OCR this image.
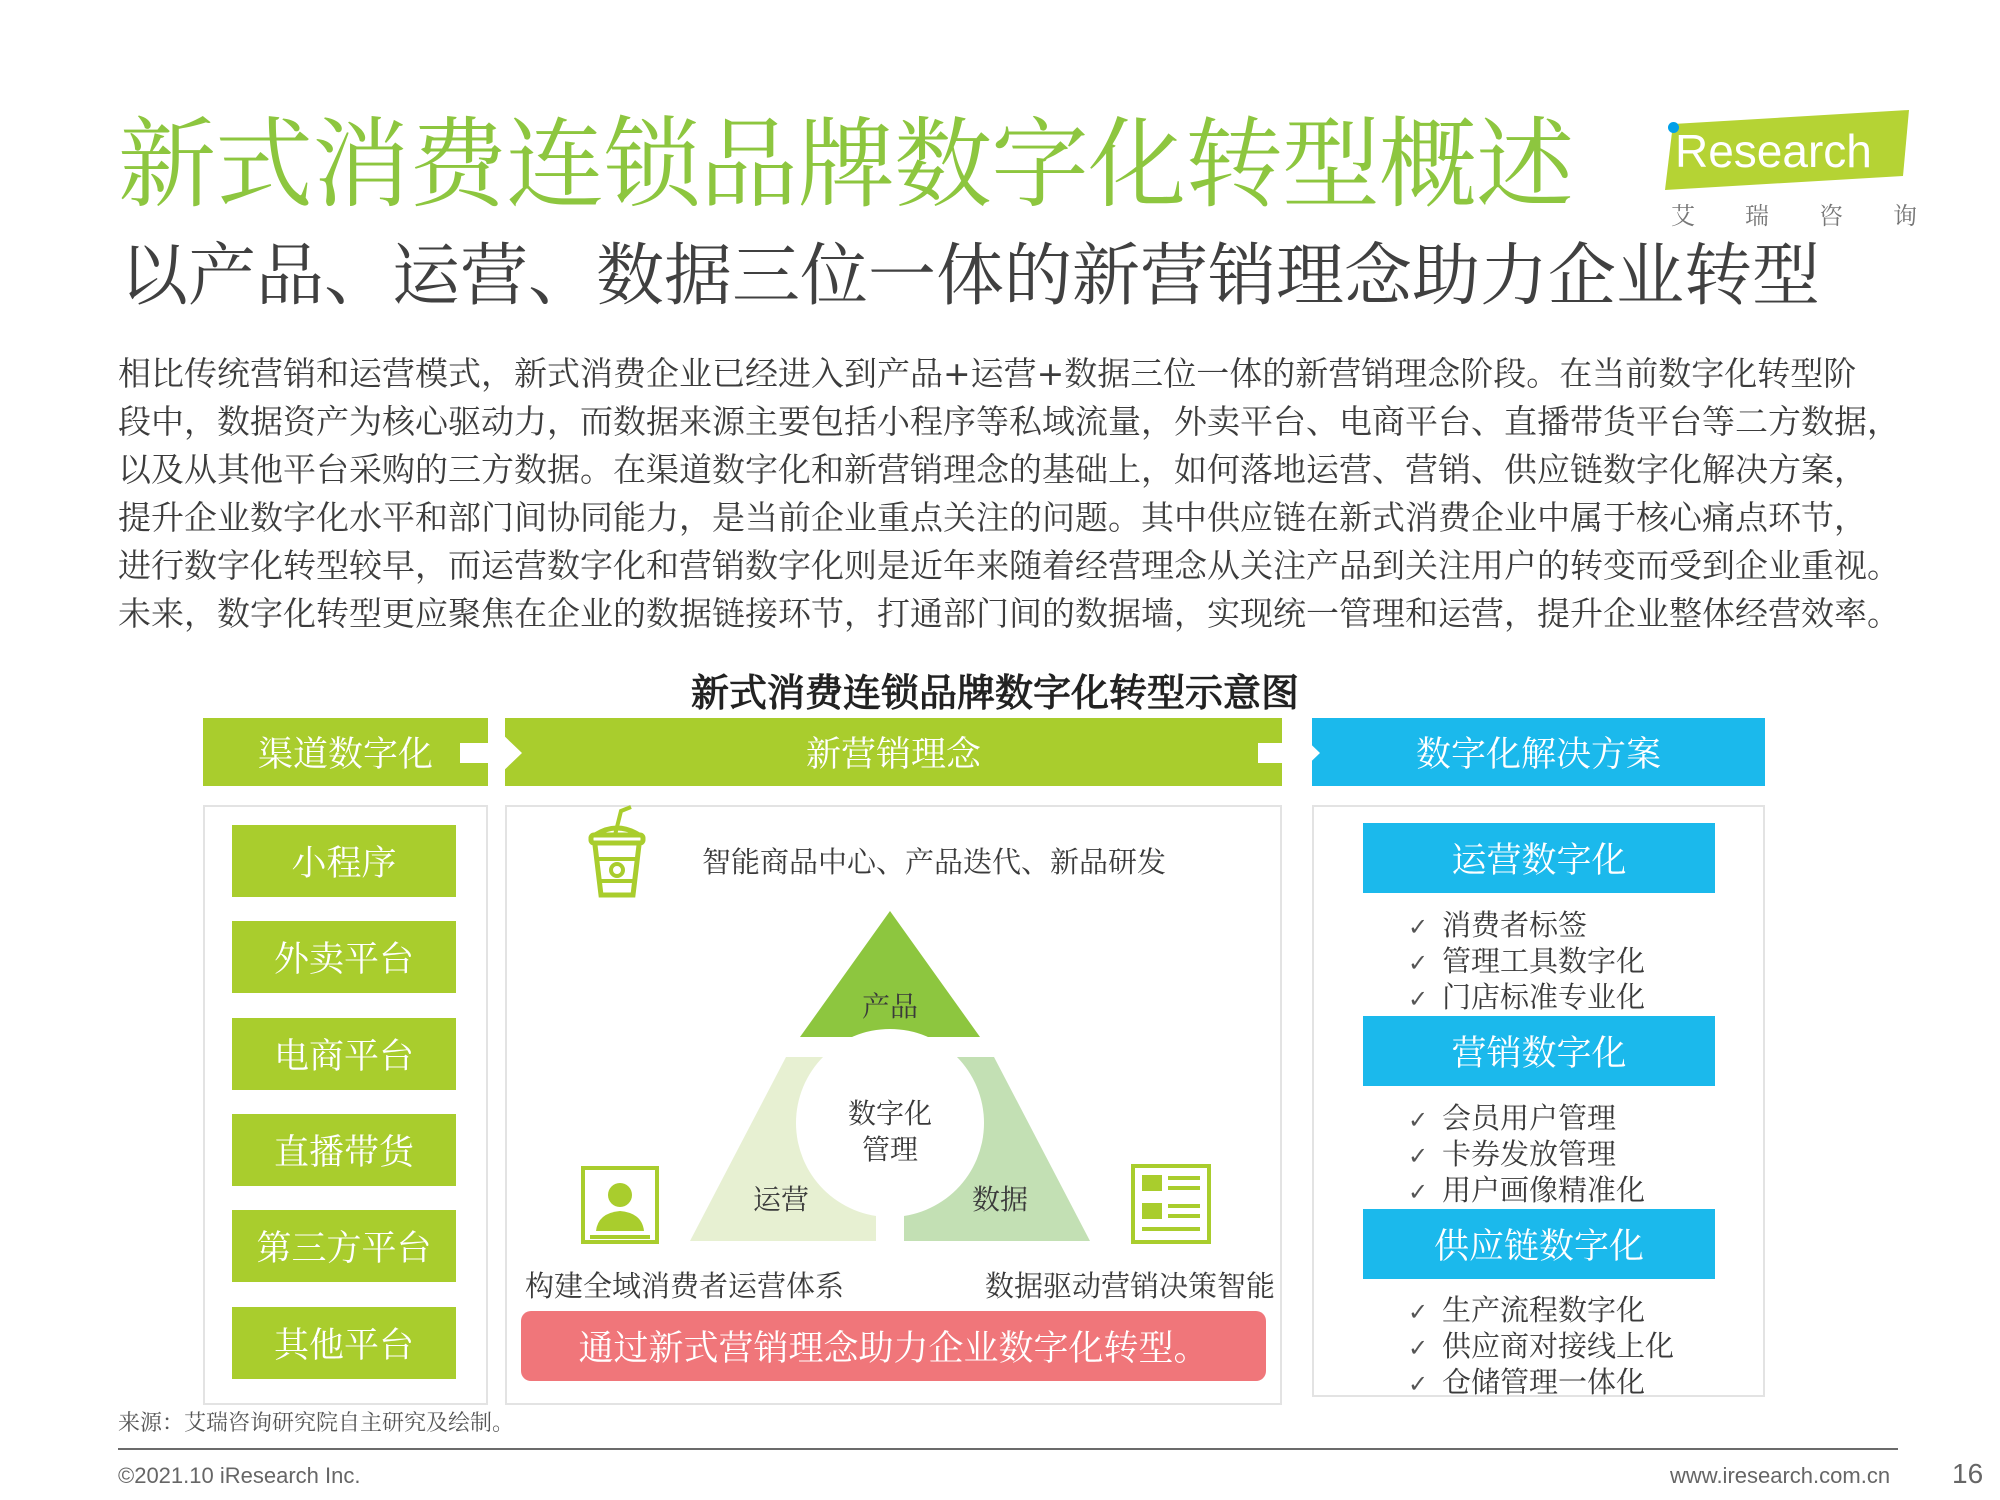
新式消费连锁品牌数字化转型概述
以产品、运营、数据三位一体的新营销理念助力企业转型
Research
艾 瑞 咨 询
相比传统营销和运营模式，新式消费企业已经进入到产品+运营+数据三位一体的新营销理念阶段。在当前数字化转型阶
段中，数据资产为核心驱动力，而数据来源主要包括小程序等私域流量，外卖平台、电商平台、直播带货平台等二方数据，
以及从其他平台采购的三方数据。在渠道数字化和新营销理念的基础上，如何落地运营、营销、供应链数字化解决方案，
提升企业数字化水平和部门间协同能力，是当前企业重点关注的问题。其中供应链在新式消费企业中属于核心痛点环节，
进行数字化转型较早，而运营数字化和营销数字化则是近年来随着经营理念从关注产品到关注用户的转变而受到企业重视。
未来，数字化转型更应聚焦在企业的数据链接环节，打通部门间的数据墙，实现统一管理和运营，提升企业整体经营效率。
新式消费连锁品牌数字化转型示意图
渠道数字化	新营销理念	数字化解决方案
小程序
外卖平台
电商平台
直播带货
第三方平台
其他平台
智能商品中心、产品迭代、新品研发
产品
运营	数据
数字化
管理
构建全域消费者运营体系	数据驱动营销决策智能
通过新式营销理念助力企业数字化转型。
运营数字化
✓ 消费者标签
✓ 管理工具数字化
✓ 门店标准专业化
营销数字化
✓ 会员用户管理
✓ 卡券发放管理
✓ 用户画像精准化
供应链数字化
✓ 生产流程数字化
✓ 供应商对接线上化
✓ 仓储管理一体化
来源：艾瑞咨询研究院自主研究及绘制。
©2021.10 iResearch Inc.	www.iresearch.com.cn 16
